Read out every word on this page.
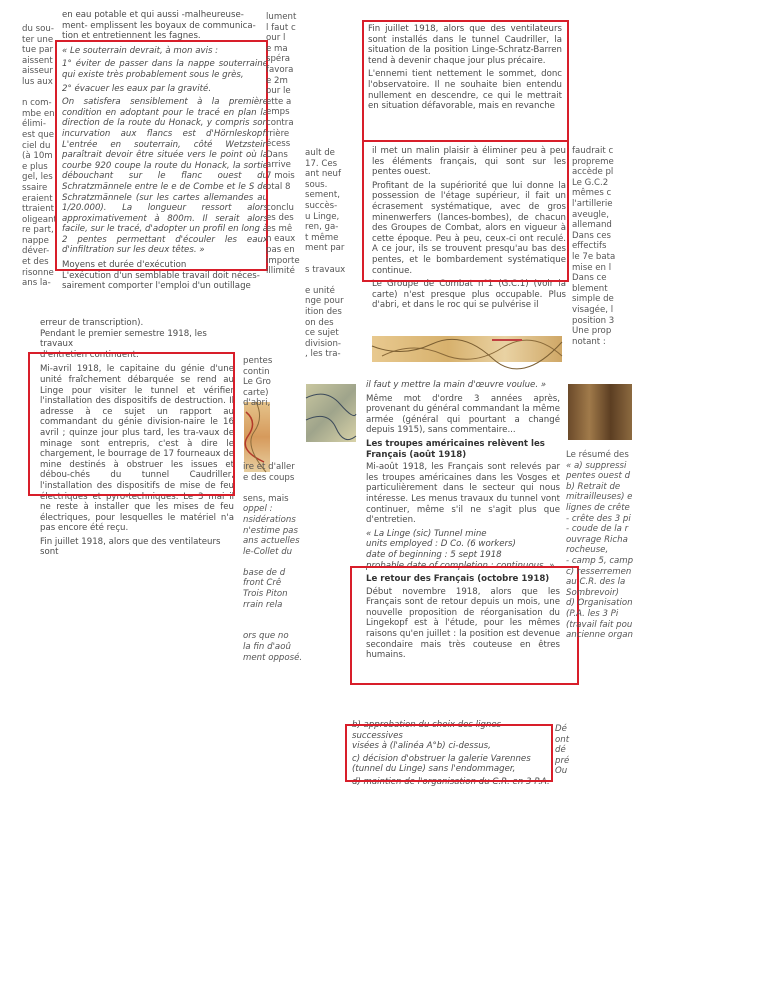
du sou-
ter une
tue par
aissent
aisseur
lus aux
n com-
mbe en
élimi-
est que
ciel du
(à 10m
e plus
gel, les
ssaire
eraient
ttraient
oligeant
re part,
nappe
déver-
et des
risonne
ans la-
en eau potable et qui aussi -malheureuse-
ment- emplissent les boyaux de communica-
tion et entretiennent les fagnes.

« Le souterrain devrait, à mon avis :

1° éviter de passer dans la nappe souterraine qui existe très probablement sous le grès,

2° évacuer les eaux par la gravité.

On satisfera sensiblement à la première condition en adoptant pour le tracé en plan la direction de la route du Honack, y compris son incurvation aux flancs est d'Hörnleskopf. L'entrée en souterrain, côté Wetzstein paraîtrait devoir être située vers le point où la courbe 920 coupe la route du Honack, la sortie débouchant sur le flanc ouest du Schratzmännele entre le e de Combe et le S de Schratzmännele (sur les cartes allemandes au 1/20.000). La longueur ressort alors approximativement à 800m. Il serait alors facile, sur le tracé, d'adopter un profil en long à 2 pentes permettant d'écouler les eaux d'infiltration sur les deux têtes. »

Moyens et durée d'exécution
L'exécution d'un semblable travail doit néces-
sairement comporter l'emploi d'un outillage
lument
l faut c
our l
e ma
spéra
favora
e 2m
our le
ette a
emps
contra
rrière
écess
Dans
arrive
7 mois
otal 8
conclu
es des
es mê
n eaux
pas en
importe
illimité
ault de
17. Ces
ant neuf
sous.
sement,
succès-
u Linge,
ren, ga-
t même
ment par
s travaux
e unité
nge pour
ition des
on des
ce sujet
division-
, les tra-

Fin juillet 1918, alors que des ventilateurs sont installés dans le tunnel Caudriller, la situation de la position Linge-Schratz-Barren tend à devenir chaque jour plus précaire.

L'ennemi tient nettement le sommet, donc l'observatoire. Il ne souhaite bien entendu nullement en descendre, ce qui le mettrait en situation défavorable, mais en revanche

il met un malin plaisir à éliminer peu à peu les éléments français, qui sont sur les pentes ouest.

Profitant de la supériorité que lui donne la possession de l'étage supérieur, il fait un écrasement systématique, avec de gros minenwerfers (lances-bombes), de chacun des Groupes de Combat, alors en vigueur à cette époque. Peu à peu, ceux-ci ont reculé. A ce jour, ils se trouvent presqu'au bas des pentes, et le bombardement systématique continue.

Le Groupe de Combat n°1 (G.C.1) (voir la carte) n'est presque plus occupable. Plus d'abri, et dans le roc qui se pulvérise il

faudrait c
propreme
accède pl
Le G.C.2
mêmes c
l'artillerie
aveugle,
allemand
Dans ces
effectifs
le 7e bata
mise en l
Dans ce
blement
simple de
visagée, l
position 3
Une prop
notant :
erreur de transcription).
Pendant le premier semestre 1918, les travaux
d'entretien continuent.

Mi-avril 1918, le capitaine du génie d'une unité fraîchement débarquée se rend au Linge pour visiter le tunnel et vérifier l'installation des dispositifs de destruction. Il adresse à ce sujet un rapport au commandant du génie division-naire le 16 avril ; quinze jour plus tard, les tra-vaux de minage sont entrepris, c'est à dire le chargement, le bourrage de 17 fourneaux de mine destinés à obstruer les issues et débou-chés du tunnel Caudriller, l'installation des dispositifs de mise de feu électriques et pyro-techniques. Le 3 mai il ne reste à installer que les mises de feu électriques, pour lesquelles le matériel n'a pas encore été reçu.

Fin juillet 1918, alors que des ventilateurs sont
pentes
contin
Le Gro
carte)
d'abri,
ire et d'aller
e des coups
sens, mais
oppel :
nsidérations
n'estime pas
ans actuelles
le-Collet du
base de d
front Crê
Trois Piton
rrain rela
ors que no
la fin d'aoû
ment opposé.
il faut y mettre la main d'œuvre voulue. »

Même mot d'ordre 3 années après, provenant du général commandant la même armée (général qui pourtant a changé depuis 1915), sans commentaire...

Les troupes américaines relèvent les Français (août 1918)

Mi-août 1918, les Français sont relevés par les troupes américaines dans les Vosges et particulièrement dans le secteur qui nous intéresse. Les menus travaux du tunnel vont continuer, même s'il ne s'agit plus que d'entretien.

« La Linge (sic) Tunnel mine
units employed : D Co. (6 workers)
date of beginning : 5 sept 1918
probable date of completion : continuous. »
Le retour des Français (octobre 1918)

Début novembre 1918, alors que les Français sont de retour depuis un mois, une nouvelle proposition de réorganisation du Lingekopf est à l'étude, pour les mêmes raisons qu'en juillet : la position est devenue secondaire mais très couteuse en êtres humains.

Le résumé des
« a) suppressi
pentes ouest d
b) Retrait de
mitrailleuses) e
lignes de crête
- crête des 3 pi
- coude de la r
ouvrage Richa
rocheuse,
- camp 5, camp
c) resserremen
au C.R. des la
Sombrevoir)
d) Organisation
(P.A. les 3 Pi
(travail fait pou
ancienne organ
b) approbation du choix des lignes successives
visées à (l'alinéa A°b) ci-dessus,
c) décision d'obstruer la galerie Varennes
(tunnel du Linge) sans l'endommager,
d) maintien de l'organisation du C.R. en 3 P.A.
Dé
ont
dé
pré
Ou
